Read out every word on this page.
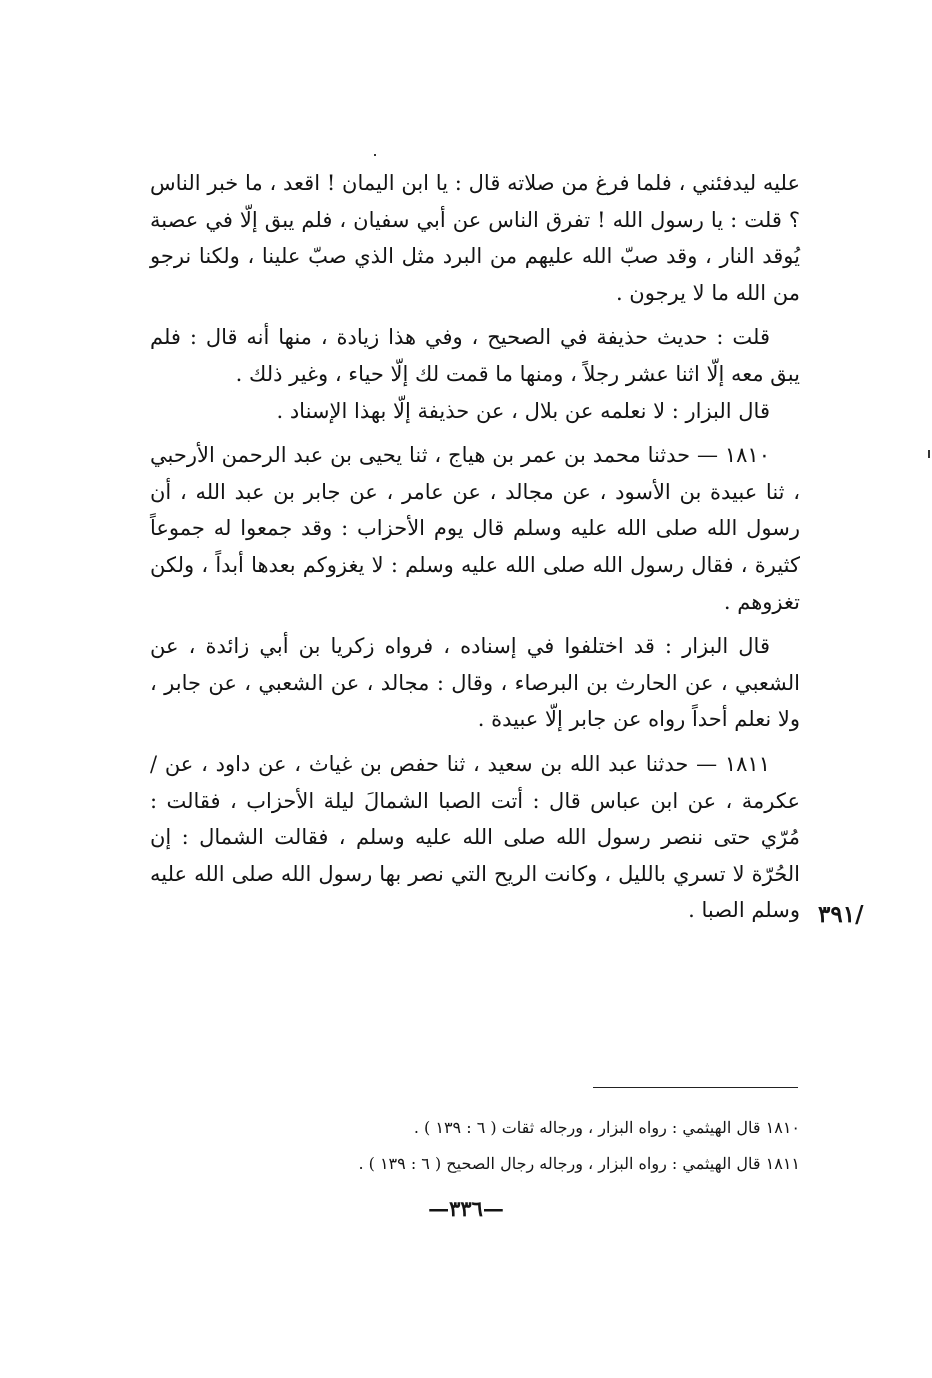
عليه ليدفئني ، فلما فرغ من صلاته قال : يا ابن اليمان ! اقعد ، ما خبر الناس ؟ قلت : يا رسول الله ! تفرق الناس عن أبي سفيان ، فلم يبق إلّا في عصبة يُوقد النار ، وقد صبّ الله عليهم من البرد مثل الذي صبّ علينا ، ولكنا نرجو من الله ما لا يرجون .

قلت : حديث حذيفة في الصحيح ، وفي هذا زيادة ، منها أنه قال : فلم يبق معه إلّا اثنا عشر رجلاً ، ومنها ما قمت لك إلّا حياء ، وغير ذلك .

قال البزار : لا نعلمه عن بلال ، عن حذيفة إلّا بهذا الإسناد .

١٨١٠ — حدثنا محمد بن عمر بن هياج ، ثنا يحيى بن عبد الرحمن الأرحبي ، ثنا عبيدة بن الأسود ، عن مجالد ، عن عامر ، عن جابر بن عبد الله ، أن رسول الله صلى الله عليه وسلم قال يوم الأحزاب : وقد جمعوا له جموعاً كثيرة ، فقال رسول الله صلى الله عليه وسلم : لا يغزوكم بعدها أبداً ، ولكن تغزوهم .

قال البزار : قد اختلفوا في إسناده ، فرواه زكريا بن أبي زائدة ، عن الشعبي ، عن الحارث بن البرصاء ، وقال : مجالد ، عن الشعبي ، عن جابر ، ولا نعلم أحداً رواه عن جابر إلّا عبيدة .

١٨١١ — حدثنا عبد الله بن سعيد ، ثنا حفص بن غياث ، عن داود ، عن / عكرمة ، عن ابن عباس قال : أتت الصبا الشمالَ ليلة الأحزاب ، فقالت : مُرّي حتى ننصر رسول الله صلى الله عليه وسلم ، فقالت الشمال : إن الحُرّة لا تسري بالليل ، وكانت الريح التي نصر بها رسول الله صلى الله عليه وسلم الصبا . /٣٩١

١٨١٠ قال الهيثمي : رواه البزار ، ورجاله ثقات ( ٦ : ١٣٩ ) .

١٨١١ قال الهيثمي : رواه البزار ، ورجاله رجال الصحيح ( ٦ : ١٣٩ ) .

—٣٣٦—
